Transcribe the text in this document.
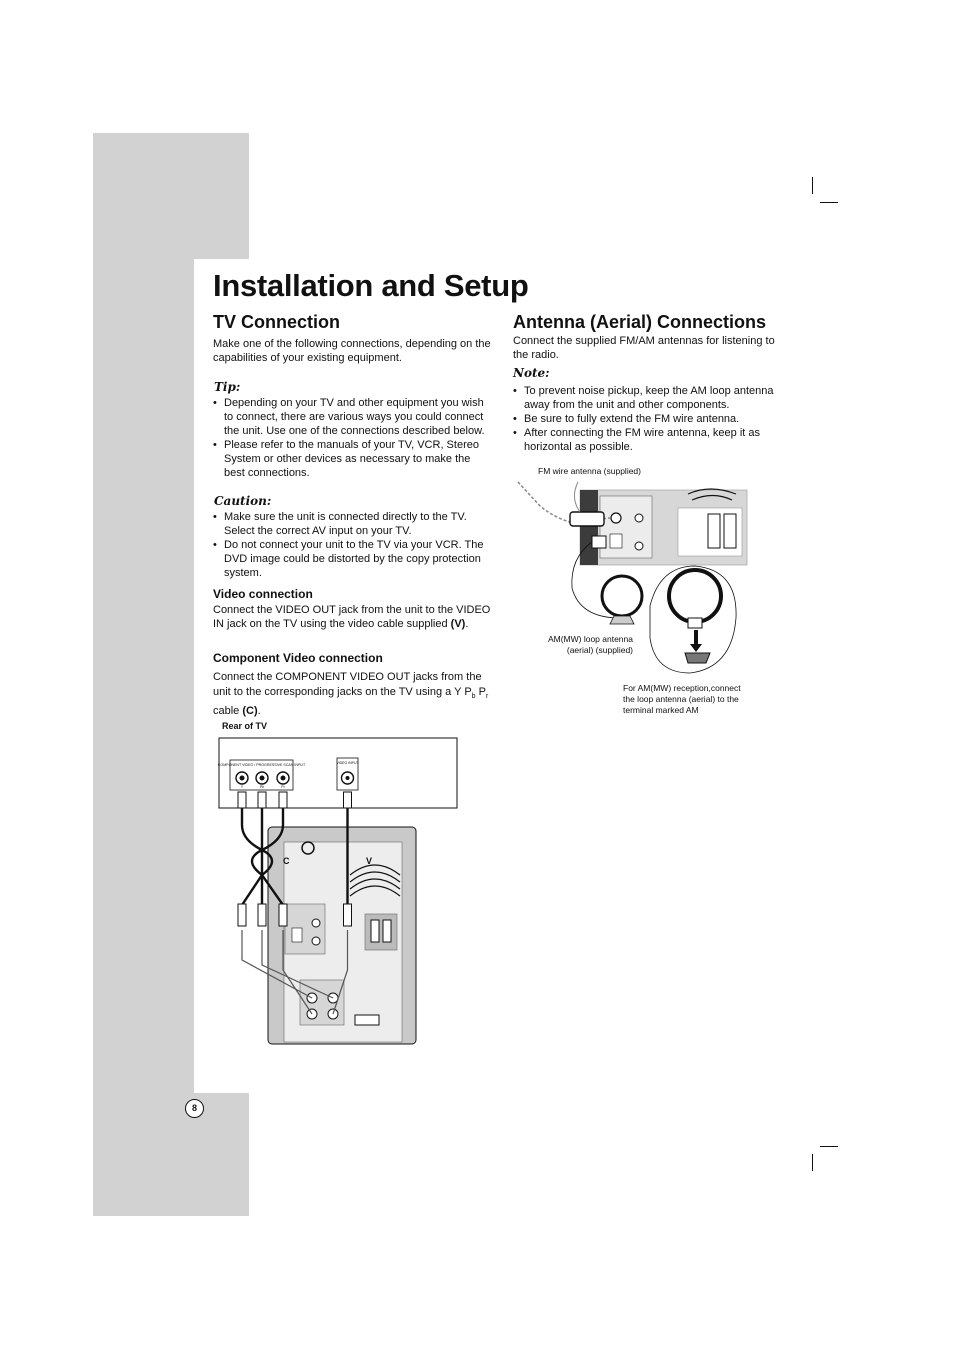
Installation and Setup
TV Connection

Make one of the following connections, depending on the capabilities of your existing equipment.

Tip:

• Depending on your TV and other equipment you wish to connect, there are various ways you could connect the unit. Use one of the connections described below.
• Please refer to the manuals of your TV, VCR, Stereo System or other devices as necessary to make the best connections.

Caution:

• Make sure the unit is connected directly to the TV. Select the correct AV input on your TV.
• Do not connect your unit to the TV via your VCR. The DVD image could be distorted by the copy protection system.

Video connection

Connect the VIDEO OUT jack from the unit to the VIDEO IN jack on the TV using the video cable supplied (V).

Component Video connection

Connect the COMPONENT VIDEO OUT jacks from the unit to the corresponding jacks on the TV using a Y $P_b$ $P_r$ cable (C).

Rear of TV

COMPONENT VIDEO / PROGRESSIVE SCAN INPUT
Y	Pb	Pr
VIDEO INPUT
C	V
Antenna (Aerial) Connections

Connect the supplied FM/AM antennas for listening to the radio.

Note:

• To prevent noise pickup, keep the AM loop antenna away from the unit and other components.
• Be sure to fully extend the FM wire antenna.
• After connecting the FM wire antenna, keep it as horizontal as possible.

FM wire antenna (supplied)

AM(MW) loop antenna
(aerial) (supplied)

For AM(MW) reception,connect
the loop antenna (aerial) to the
terminal marked AM

8
